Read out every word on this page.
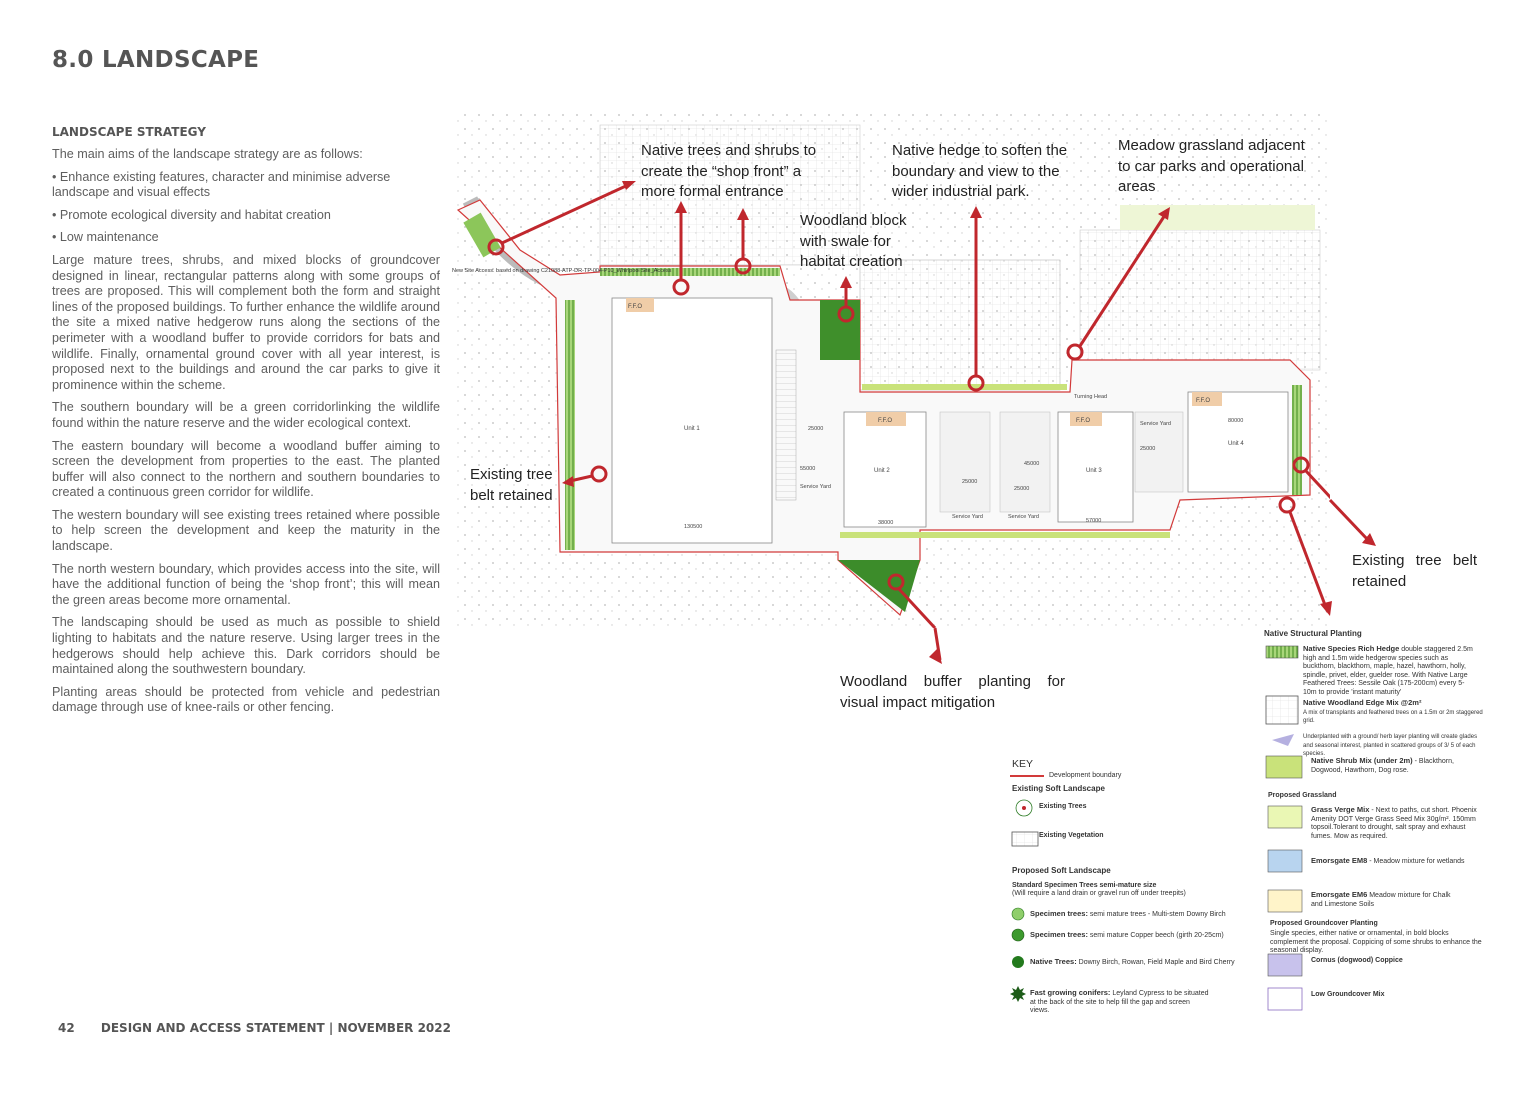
8.0 LANDSCAPE
LANDSCAPE STRATEGY

The main aims of the landscape strategy are as follows:

• Enhance existing features, character and minimise adverse landscape and visual effects

• Promote ecological diversity and habitat creation

• Low maintenance

Large mature trees, shrubs, and mixed blocks of groundcover designed in linear, rectangular patterns along with some groups of trees are proposed. This will complement both the form and straight lines of the proposed buildings. To further enhance the wildlife around the site a mixed native hedgerow runs along the sections of the perimeter with a woodland buffer to provide corridors for bats and wildlife. Finally, ornamental ground cover with all year interest, is proposed next to the buildings and around the car parks to give it prominence within the scheme.

The southern boundary will be a green corridorlinking the wildlife found within the nature reserve and the wider ecological context.

The eastern boundary will become a woodland buffer aiming to screen the development from properties to the east. The planted buffer will also connect to the northern and southern boundaries to created a continuous green corridor for wildlife.

The western boundary will see existing trees retained where possible to help screen the development and keep the maturity in the landscape.

The north western boundary, which provides access into the site, will have the additional function of being the ‘shop front’; this will mean the green areas become more ornamental.

The landscaping should be used as much as possible to shield lighting to habitats and the nature reserve. Using larger trees in the hedgerows should help achieve this. Dark corridors should be maintained along the southwestern boundary.

Planting areas should be protected from vehicle and pedestrian damage through use of knee-rails or other fencing.

42 DESIGN AND ACCESS STATEMENT | NOVEMBER 2022
New Site Access. based on drawing C21088-ATP-DR-TP-004-P10_Whirlpool Site_Access
Unit 1
Unit 2	Unit 3
Unit 4
F.F.O
F.F.O	F.F.O
F.F.O
Service Yard
Service Yard	Service Yard
Service Yard
Turning Head
130500
38000	57000
80000
25000
25000
25000
25000
55000
45000
Native trees and shrubs to create the “shop front” a more formal entrance
Native hedge to soften the boundary and view to the wider industrial park.
Meadow grassland adjacent to car parks and operational areas
Woodland block with swale for habitat creation
Existing tree belt retained
Existing tree belt retained
Woodland buffer planting for visual impact mitigation
KEY
Development boundary
Existing Soft Landscape
Existing Trees
Existing Vegetation
Proposed Soft Landscape
Standard Specimen Trees semi-mature size
(Will require a land drain or gravel run off under treepits)
Specimen trees: semi mature trees - Multi-stem Downy Birch
Specimen trees: semi mature Copper beech (girth 20-25cm)
Native Trees: Downy Birch, Rowan, Field Maple and Bird Cherry
Fast growing conifers: Leyland Cypress to be situated at the back of the site to help fill the gap and screen views.
Native Structural Planting
Native Species Rich Hedge double staggered 2.5m high and 1.5m wide hedgerow species such as buckthorn, blackthorn, maple, hazel, hawthorn, holly, spindle, privet, elder, guelder rose. With Native Large Feathered Trees: Sessile Oak (175-200cm) every 5-10m to provide 'instant maturity'
Native Woodland Edge Mix @2m²
A mix of transplants and feathered trees on a 1.5m or 2m staggered grid.
Underplanted with a ground/ herb layer planting will create glades and seasonal interest, planted in scattered groups of 3/ 5 of each species.
Native Shrub Mix (under 2m) - Blackthorn, Dogwood, Hawthorn, Dog rose.
Proposed Grassland
Grass Verge Mix - Next to paths, cut short. Phoenix Amenity DOT Verge Grass Seed Mix 30g/m². 150mm topsoil.Tolerant to drought, salt spray and exhaust fumes. Mow as required.
Emorsgate EM8 - Meadow mixture for wetlands
Emorsgate EM6 Meadow mixture for Chalk and Limestone Soils
Proposed Groundcover Planting
Single species, either native or ornamental, in bold blocks complement the proposal. Coppicing of some shrubs to enhance the seasonal display.
Cornus (dogwood) Coppice
Low Groundcover Mix
